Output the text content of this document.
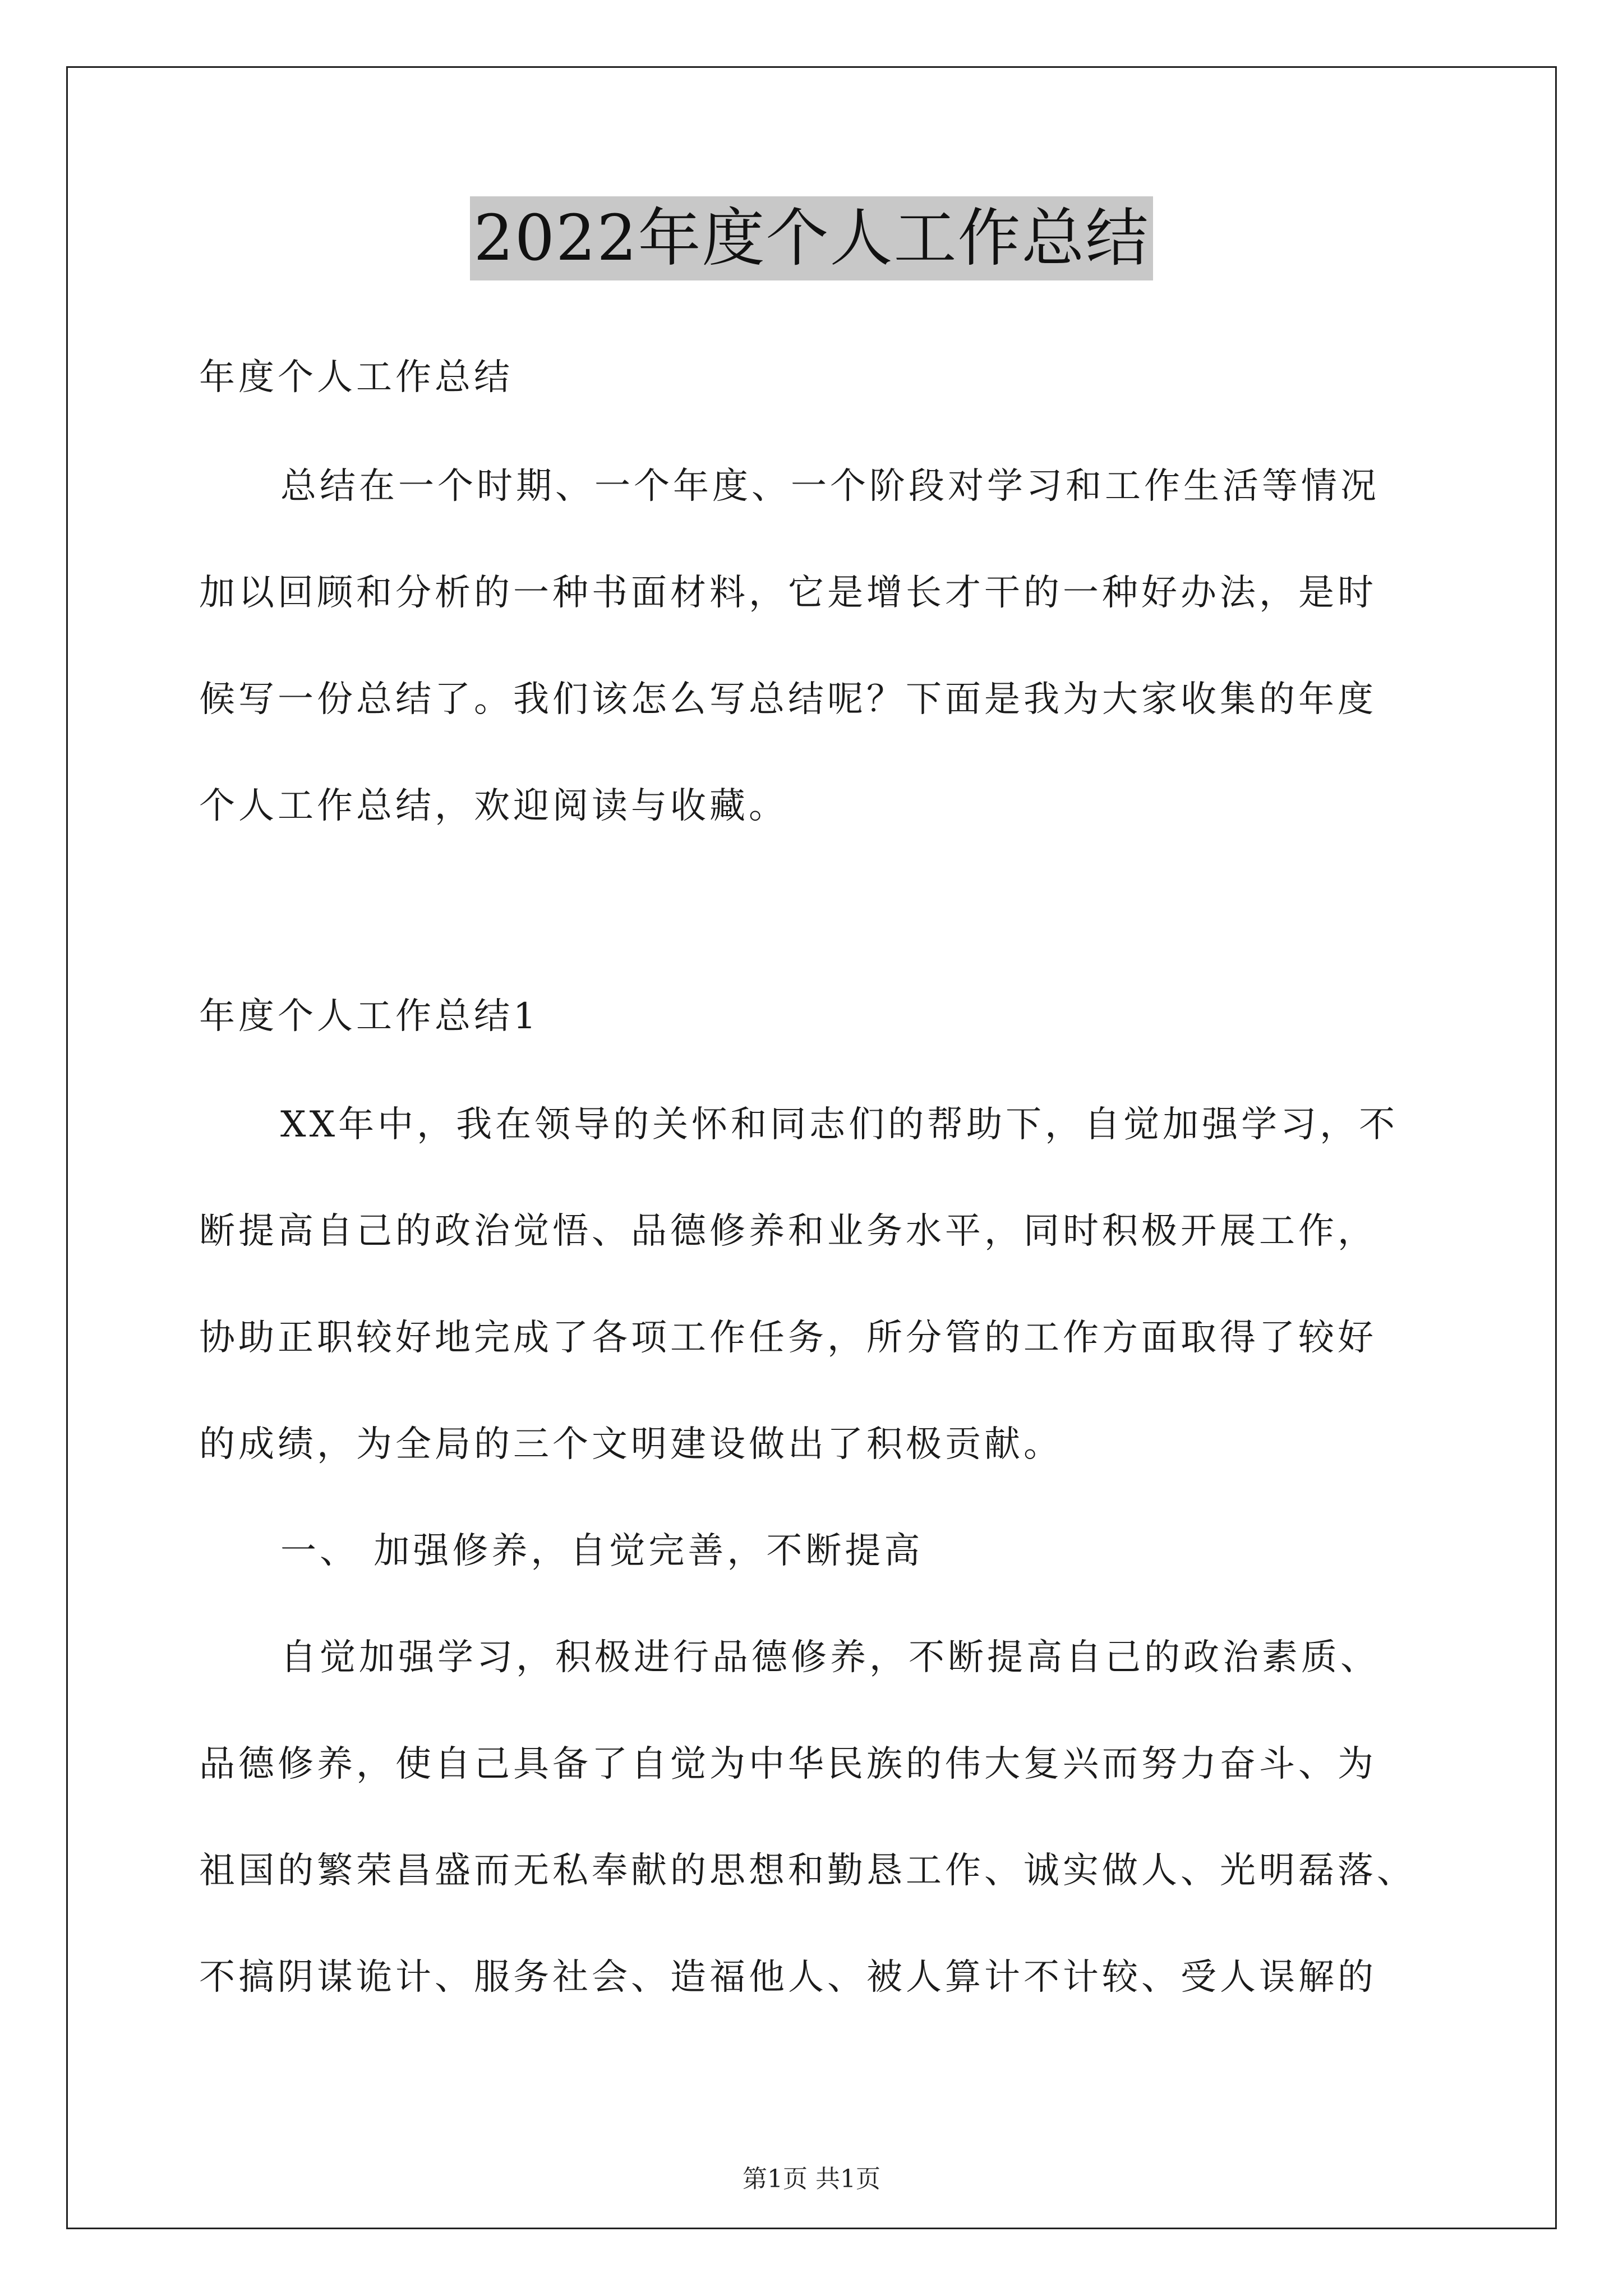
2022年度个人工作总结
年度个人工作总结
总结在一个时期、一个年度、一个阶段对学习和工作生活等情况
加以回顾和分析的一种书面材料，它是增长才干的一种好办法，是时
候写一份总结了。我们该怎么写总结呢？下面是我为大家收集的年度
个人工作总结，欢迎阅读与收藏。
年度个人工作总结1
XX年中，我在领导的关怀和同志们的帮助下，自觉加强学习，不
断提高自己的政治觉悟、品德修养和业务水平，同时积极开展工作，
协助正职较好地完成了各项工作任务，所分管的工作方面取得了较好
的成绩，为全局的三个文明建设做出了积极贡献。
一、 加强修养，自觉完善，不断提高
自觉加强学习，积极进行品德修养，不断提高自己的政治素质、
品德修养，使自己具备了自觉为中华民族的伟大复兴而努力奋斗、为
祖国的繁荣昌盛而无私奉献的思想和勤恳工作、诚实做人、光明磊落、
不搞阴谋诡计、服务社会、造福他人、被人算计不计较、受人误解的
第1页 共1页
